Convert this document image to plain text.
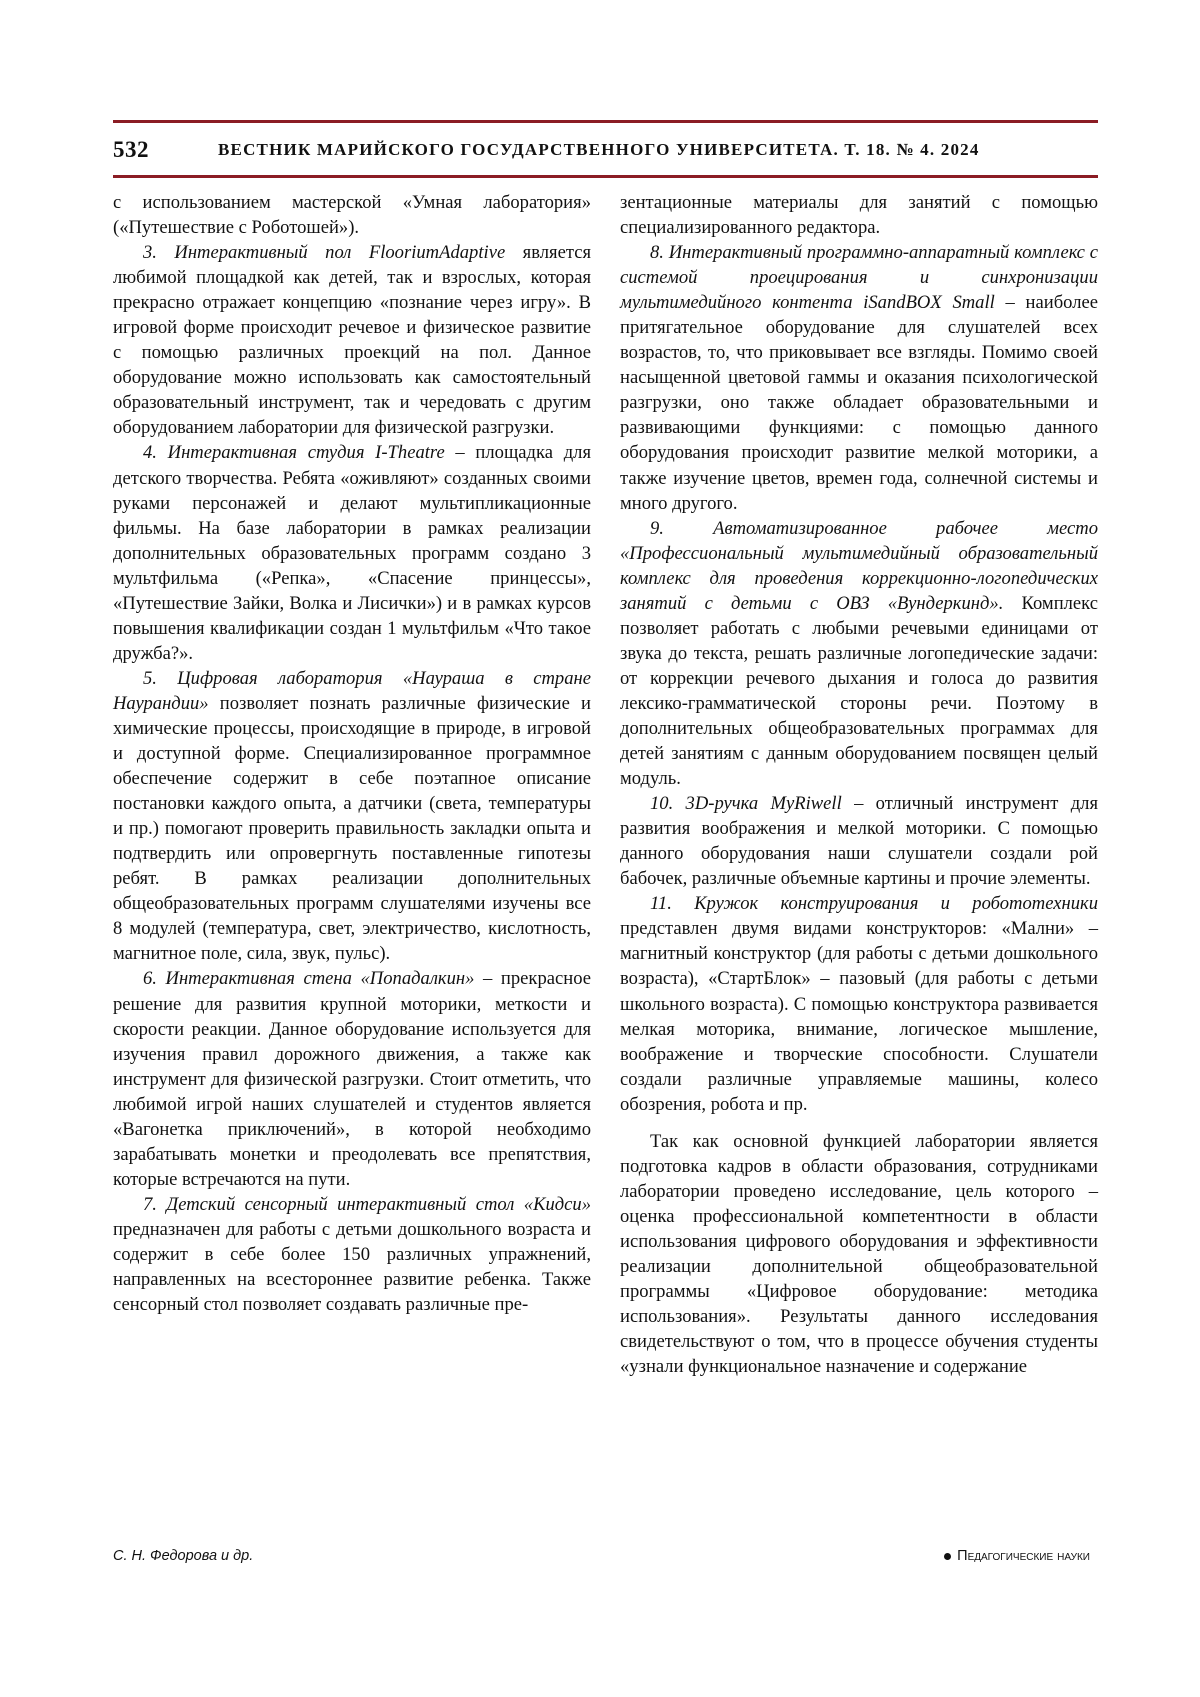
532	ВЕСТНИК МАРИЙСКОГО ГОСУДАРСТВЕННОГО УНИВЕРСИТЕТА. Т. 18. № 4. 2024

с использованием мастерской «Умная лаборатория» («Путешествие с Роботошей»).

3. Интерактивный пол FlooriumAdaptive является любимой площадкой как детей, так и взрослых, которая прекрасно отражает концепцию «познание через игру». В игровой форме происходит речевое и физическое развитие с помощью различных проекций на пол. Данное оборудование можно использовать как самостоятельный образовательный инструмент, так и чередовать с другим оборудованием лаборатории для физической разгрузки.

4. Интерактивная студия I-Theatre – площадка для детского творчества. Ребята «оживляют» созданных своими руками персонажей и делают мультипликационные фильмы. На базе лаборатории в рамках реализации дополнительных образовательных программ создано 3 мультфильма («Репка», «Спасение принцессы», «Путешествие Зайки, Волка и Лисички») и в рамках курсов повышения квалификации создан 1 мультфильм «Что такое дружба?».

5. Цифровая лаборатория «Наураша в стране Наурандии» позволяет познать различные физические и химические процессы, происходящие в природе, в игровой и доступной форме. Специализированное программное обеспечение содержит в себе поэтапное описание постановки каждого опыта, а датчики (света, температуры и пр.) помогают проверить правильность закладки опыта и подтвердить или опровергнуть поставленные гипотезы ребят. В рамках реализации дополнительных общеобразовательных программ слушателями изучены все 8 модулей (температура, свет, электричество, кислотность, магнитное поле, сила, звук, пульс).

6. Интерактивная стена «Попадалкин» – прекрасное решение для развития крупной моторики, меткости и скорости реакции. Данное оборудование используется для изучения правил дорожного движения, а также как инструмент для физической разгрузки. Стоит отметить, что любимой игрой наших слушателей и студентов является «Вагонетка приключений», в которой необходимо зарабатывать монетки и преодолевать все препятствия, которые встречаются на пути.

7. Детский сенсорный интерактивный стол «Кидси» предназначен для работы с детьми дошкольного возраста и содержит в себе более 150 различных упражнений, направленных на всестороннее развитие ребенка. Также сенсорный стол позволяет создавать различные пре-

зентационные материалы для занятий с помощью специализированного редактора.

8. Интерактивный программно-аппаратный комплекс с системой проецирования и синхронизации мультимедийного контента iSandBOX Small – наиболее притягательное оборудование для слушателей всех возрастов, то, что приковывает все взгляды. Помимо своей насыщенной цветовой гаммы и оказания психологической разгрузки, оно также обладает образовательными и развивающими функциями: с помощью данного оборудования происходит развитие мелкой моторики, а также изучение цветов, времен года, солнечной системы и много другого.

9. Автоматизированное рабочее место «Профессиональный мультимедийный образовательный комплекс для проведения коррекционно-логопедических занятий с детьми с ОВЗ «Вундеркинд». Комплекс позволяет работать с любыми речевыми единицами от звука до текста, решать различные логопедические задачи: от коррекции речевого дыхания и голоса до развития лексико-грамматической стороны речи. Поэтому в дополнительных общеобразовательных программах для детей занятиям с данным оборудованием посвящен целый модуль.

10. 3D-ручка MyRiwell – отличный инструмент для развития воображения и мелкой моторики. С помощью данного оборудования наши слушатели создали рой бабочек, различные объемные картины и прочие элементы.

11. Кружок конструирования и робототехники представлен двумя видами конструкторов: «Мални» – магнитный конструктор (для работы с детьми дошкольного возраста), «СтартБлок» – пазовый (для работы с детьми школьного возраста). С помощью конструктора развивается мелкая моторика, внимание, логическое мышление, воображение и творческие способности. Слушатели создали различные управляемые машины, колесо обозрения, робота и пр.

Так как основной функцией лаборатории является подготовка кадров в области образования, сотрудниками лаборатории проведено исследование, цель которого – оценка профессиональной компетентности в области использования цифрового оборудования и эффективности реализации дополнительной общеобразовательной программы «Цифровое оборудование: методика использования». Результаты данного исследования свидетельствуют о том, что в процессе обучения студенты «узнали функциональное назначение и содержание

С. Н. Федорова и др.	Педагогические науки
